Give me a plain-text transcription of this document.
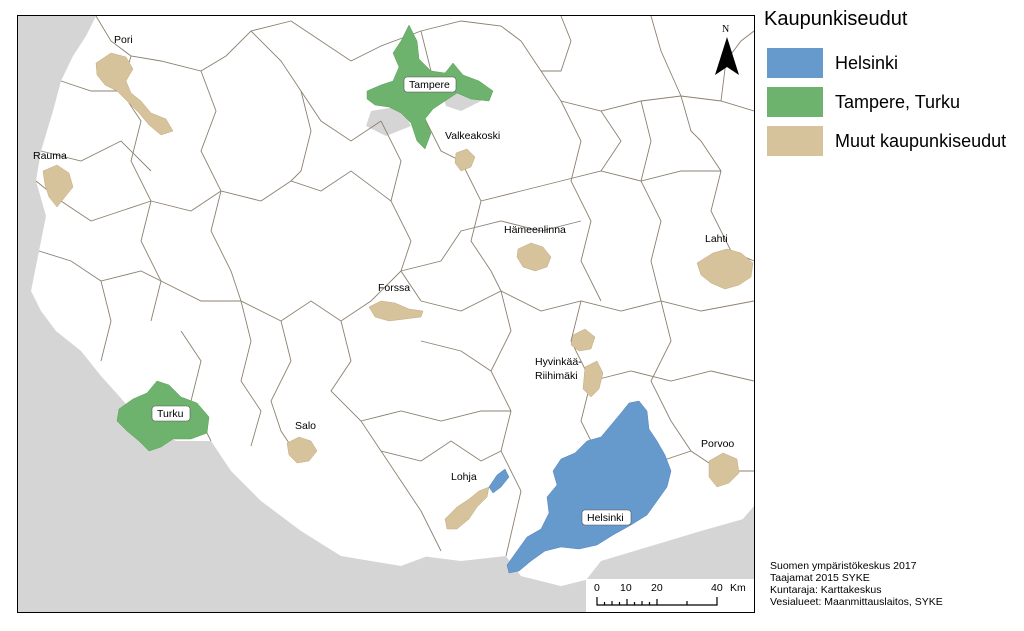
Pori
Rauma
Tampere
Valkeakoski
Hämeenlinna
Lahti
Forssa
Hyvinkää-
Riihimäki
Turku
Salo
Lohja
Porvoo
Helsinki
N
0 10 20	40 Km
Kaupunkiseudut
Helsinki
Tampere, Turku
Muut kaupunkiseudut
Suomen ympäristökeskus 2017
Taajamat 2015 SYKE
Kuntaraja: Karttakeskus
Vesialueet: Maanmittauslaitos, SYKE
